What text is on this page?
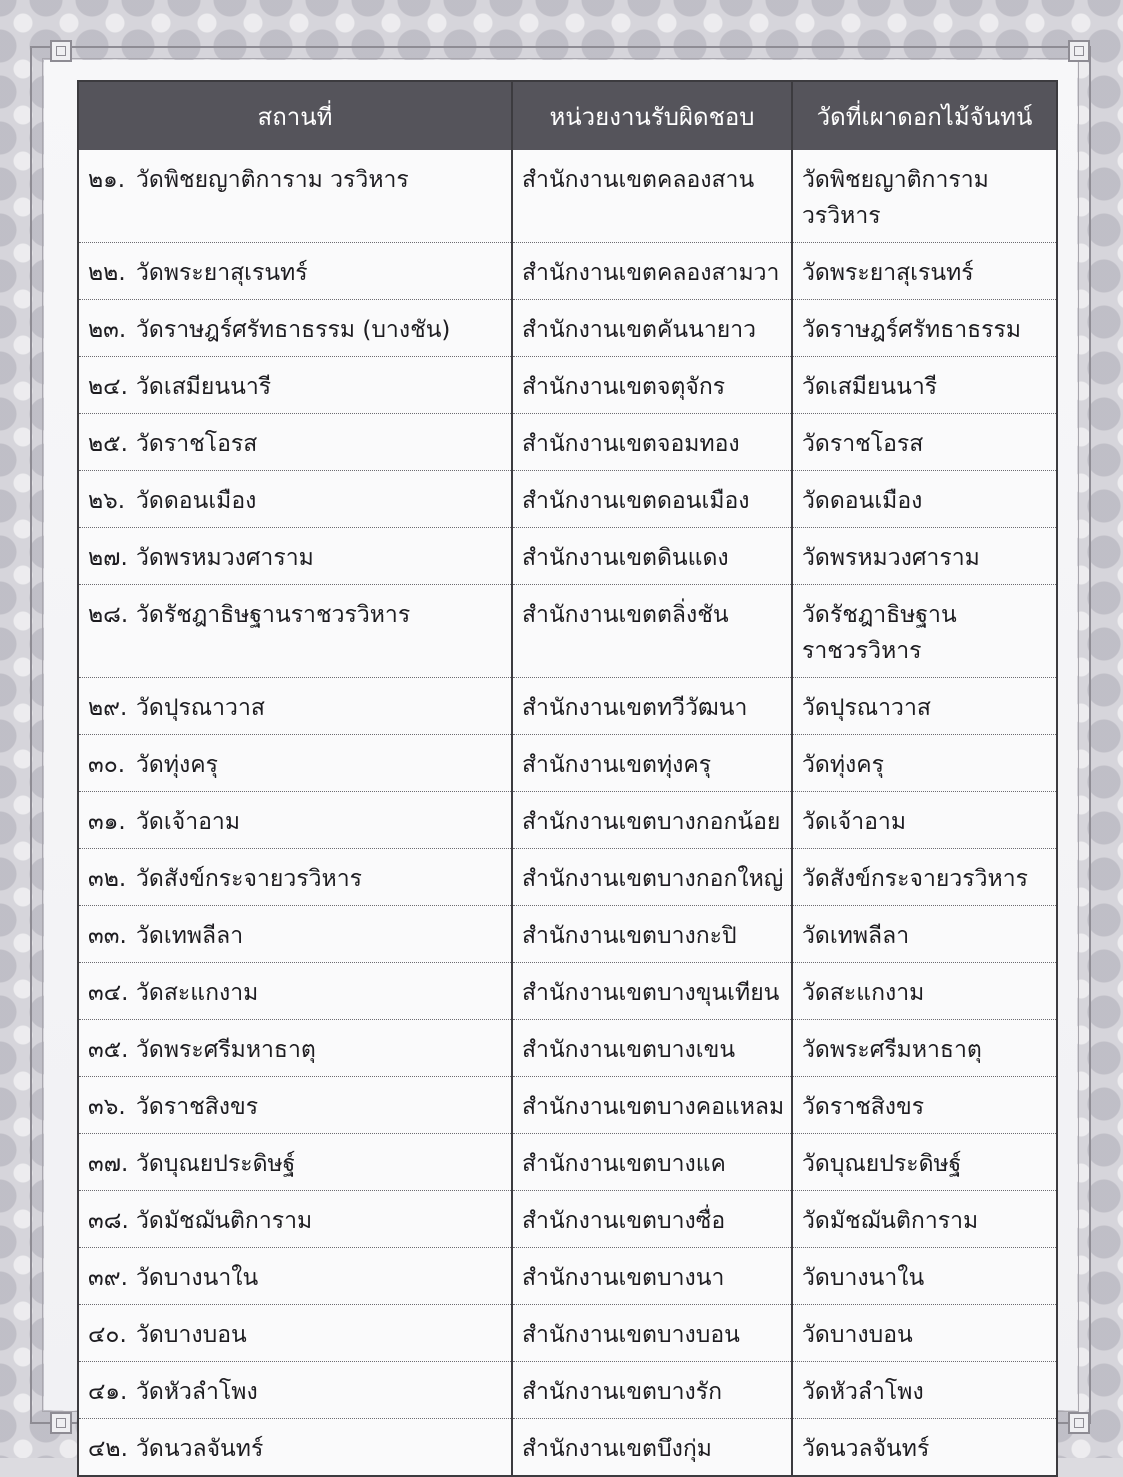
สถานที่	หน่วยงานรับผิดชอบ	วัดที่เผาดอกไม้จันทน์
๒๑. วัดพิชยญาติการาม วรวิหาร	สำนักงานเขตคลองสาน	วัดพิชยญาติการาม วรวิหาร
๒๒. วัดพระยาสุเรนทร์	สำนักงานเขตคลองสามวา	วัดพระยาสุเรนทร์
๒๓. วัดราษฎร์ศรัทธาธรรม (บางชัน)	สำนักงานเขตคันนายาว	วัดราษฎร์ศรัทธาธรรม
๒๔. วัดเสมียนนารี	สำนักงานเขตจตุจักร	วัดเสมียนนารี
๒๕. วัดราชโอรส	สำนักงานเขตจอมทอง	วัดราชโอรส
๒๖. วัดดอนเมือง	สำนักงานเขตดอนเมือง	วัดดอนเมือง
๒๗. วัดพรหมวงศาราม	สำนักงานเขตดินแดง	วัดพรหมวงศาราม
๒๘. วัดรัชฎาธิษฐานราชวรวิหาร	สำนักงานเขตตลิ่งชัน	วัดรัชฎาธิษฐาน ราชวรวิหาร
๒๙. วัดปุรณาวาส	สำนักงานเขตทวีวัฒนา	วัดปุรณาวาส
๓๐. วัดทุ่งครุ	สำนักงานเขตทุ่งครุ	วัดทุ่งครุ
๓๑. วัดเจ้าอาม	สำนักงานเขตบางกอกน้อย	วัดเจ้าอาม
๓๒. วัดสังข์กระจายวรวิหาร	สำนักงานเขตบางกอกใหญ่	วัดสังข์กระจายวรวิหาร
๓๓. วัดเทพลีลา	สำนักงานเขตบางกะปิ	วัดเทพลีลา
๓๔. วัดสะแกงาม	สำนักงานเขตบางขุนเทียน	วัดสะแกงาม
๓๕. วัดพระศรีมหาธาตุ	สำนักงานเขตบางเขน	วัดพระศรีมหาธาตุ
๓๖. วัดราชสิงขร	สำนักงานเขตบางคอแหลม	วัดราชสิงขร
๓๗. วัดบุณยประดิษฐ์	สำนักงานเขตบางแค	วัดบุณยประดิษฐ์
๓๘. วัดมัชฌันติการาม	สำนักงานเขตบางซื่อ	วัดมัชฌันติการาม
๓๙. วัดบางนาใน	สำนักงานเขตบางนา	วัดบางนาใน
๔๐. วัดบางบอน	สำนักงานเขตบางบอน	วัดบางบอน
๔๑. วัดหัวลำโพง	สำนักงานเขตบางรัก	วัดหัวลำโพง
๔๒. วัดนวลจันทร์	สำนักงานเขตบึงกุ่ม	วัดนวลจันทร์
